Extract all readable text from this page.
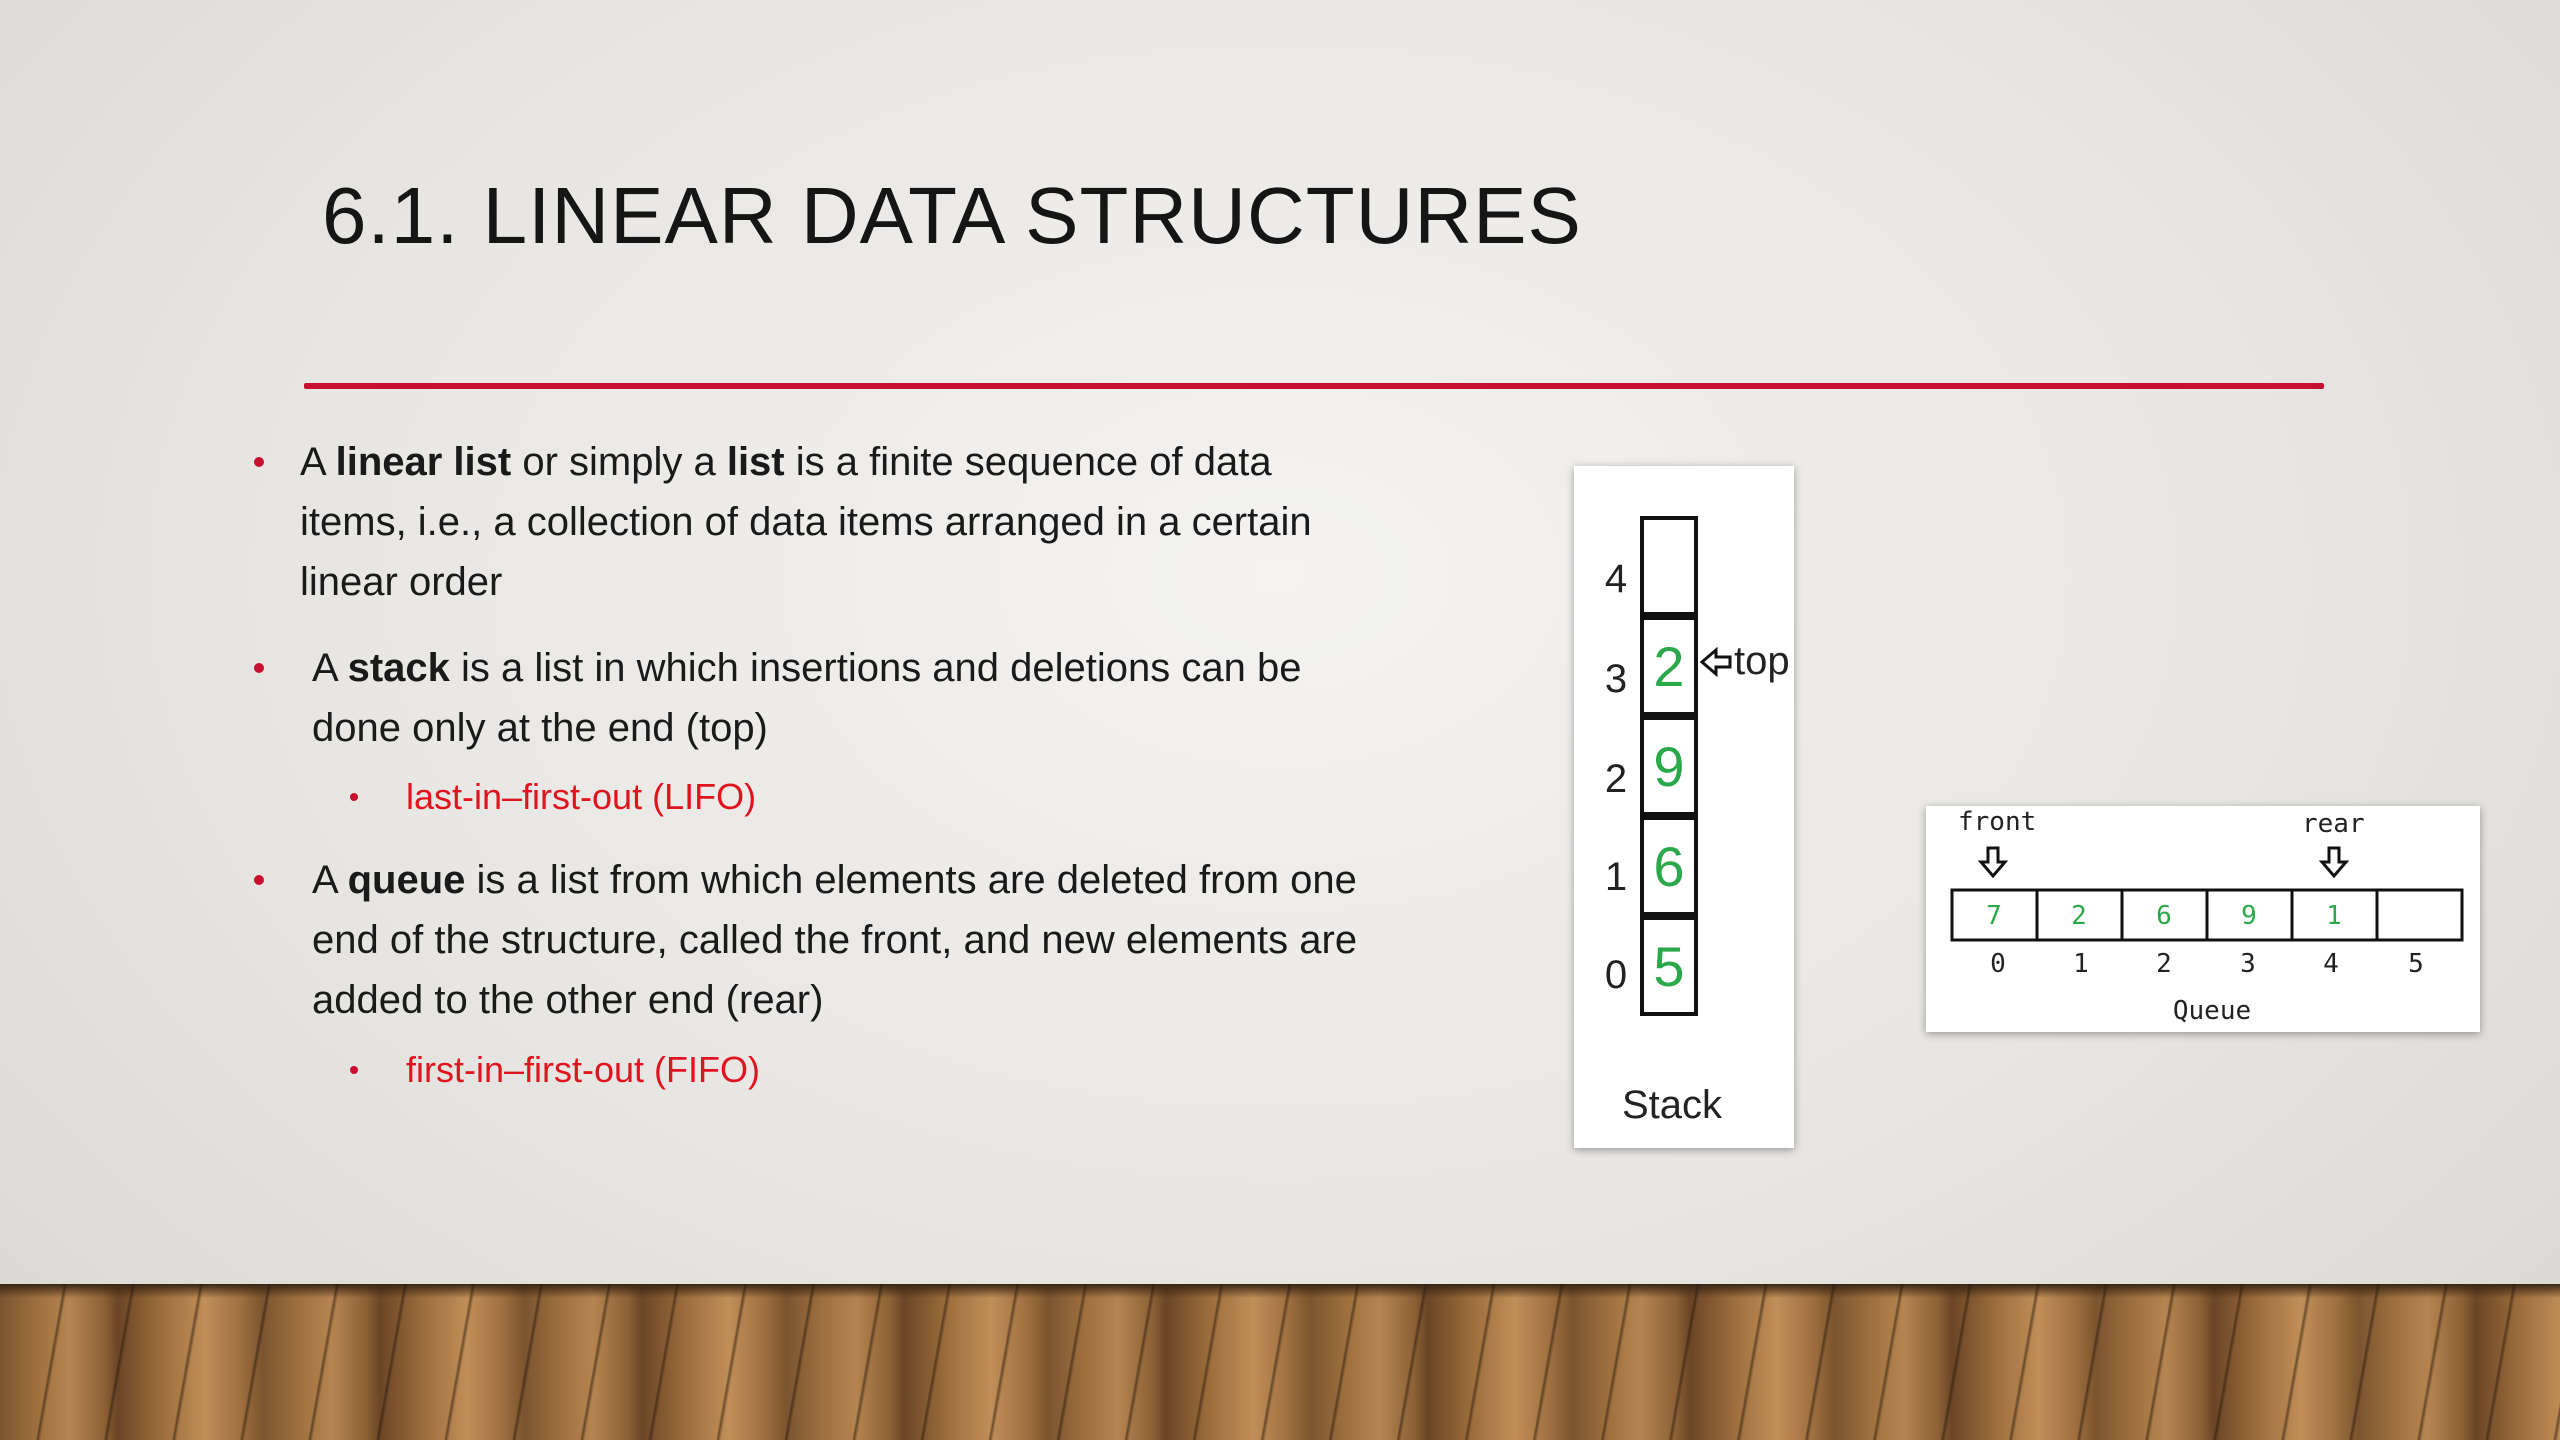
6.1. LINEAR DATA STRUCTURES
A linear list or simply a list is a finite sequence of data items, i.e., a collection of data items arranged in a certain linear order
A stack is a list in which insertions and deletions can be done only at the end (top)
last-in–first-out (LIFO)
A queue is a list from which elements are deleted from one end of the structure, called the front, and new elements are added to the other end (rear)
first-in–first-out (FIFO)
4
3
2
1
0
2
9
6
5
top
Stack
front	rear
7	2	6	9	1
0	1	2	3	4	5
Queue
